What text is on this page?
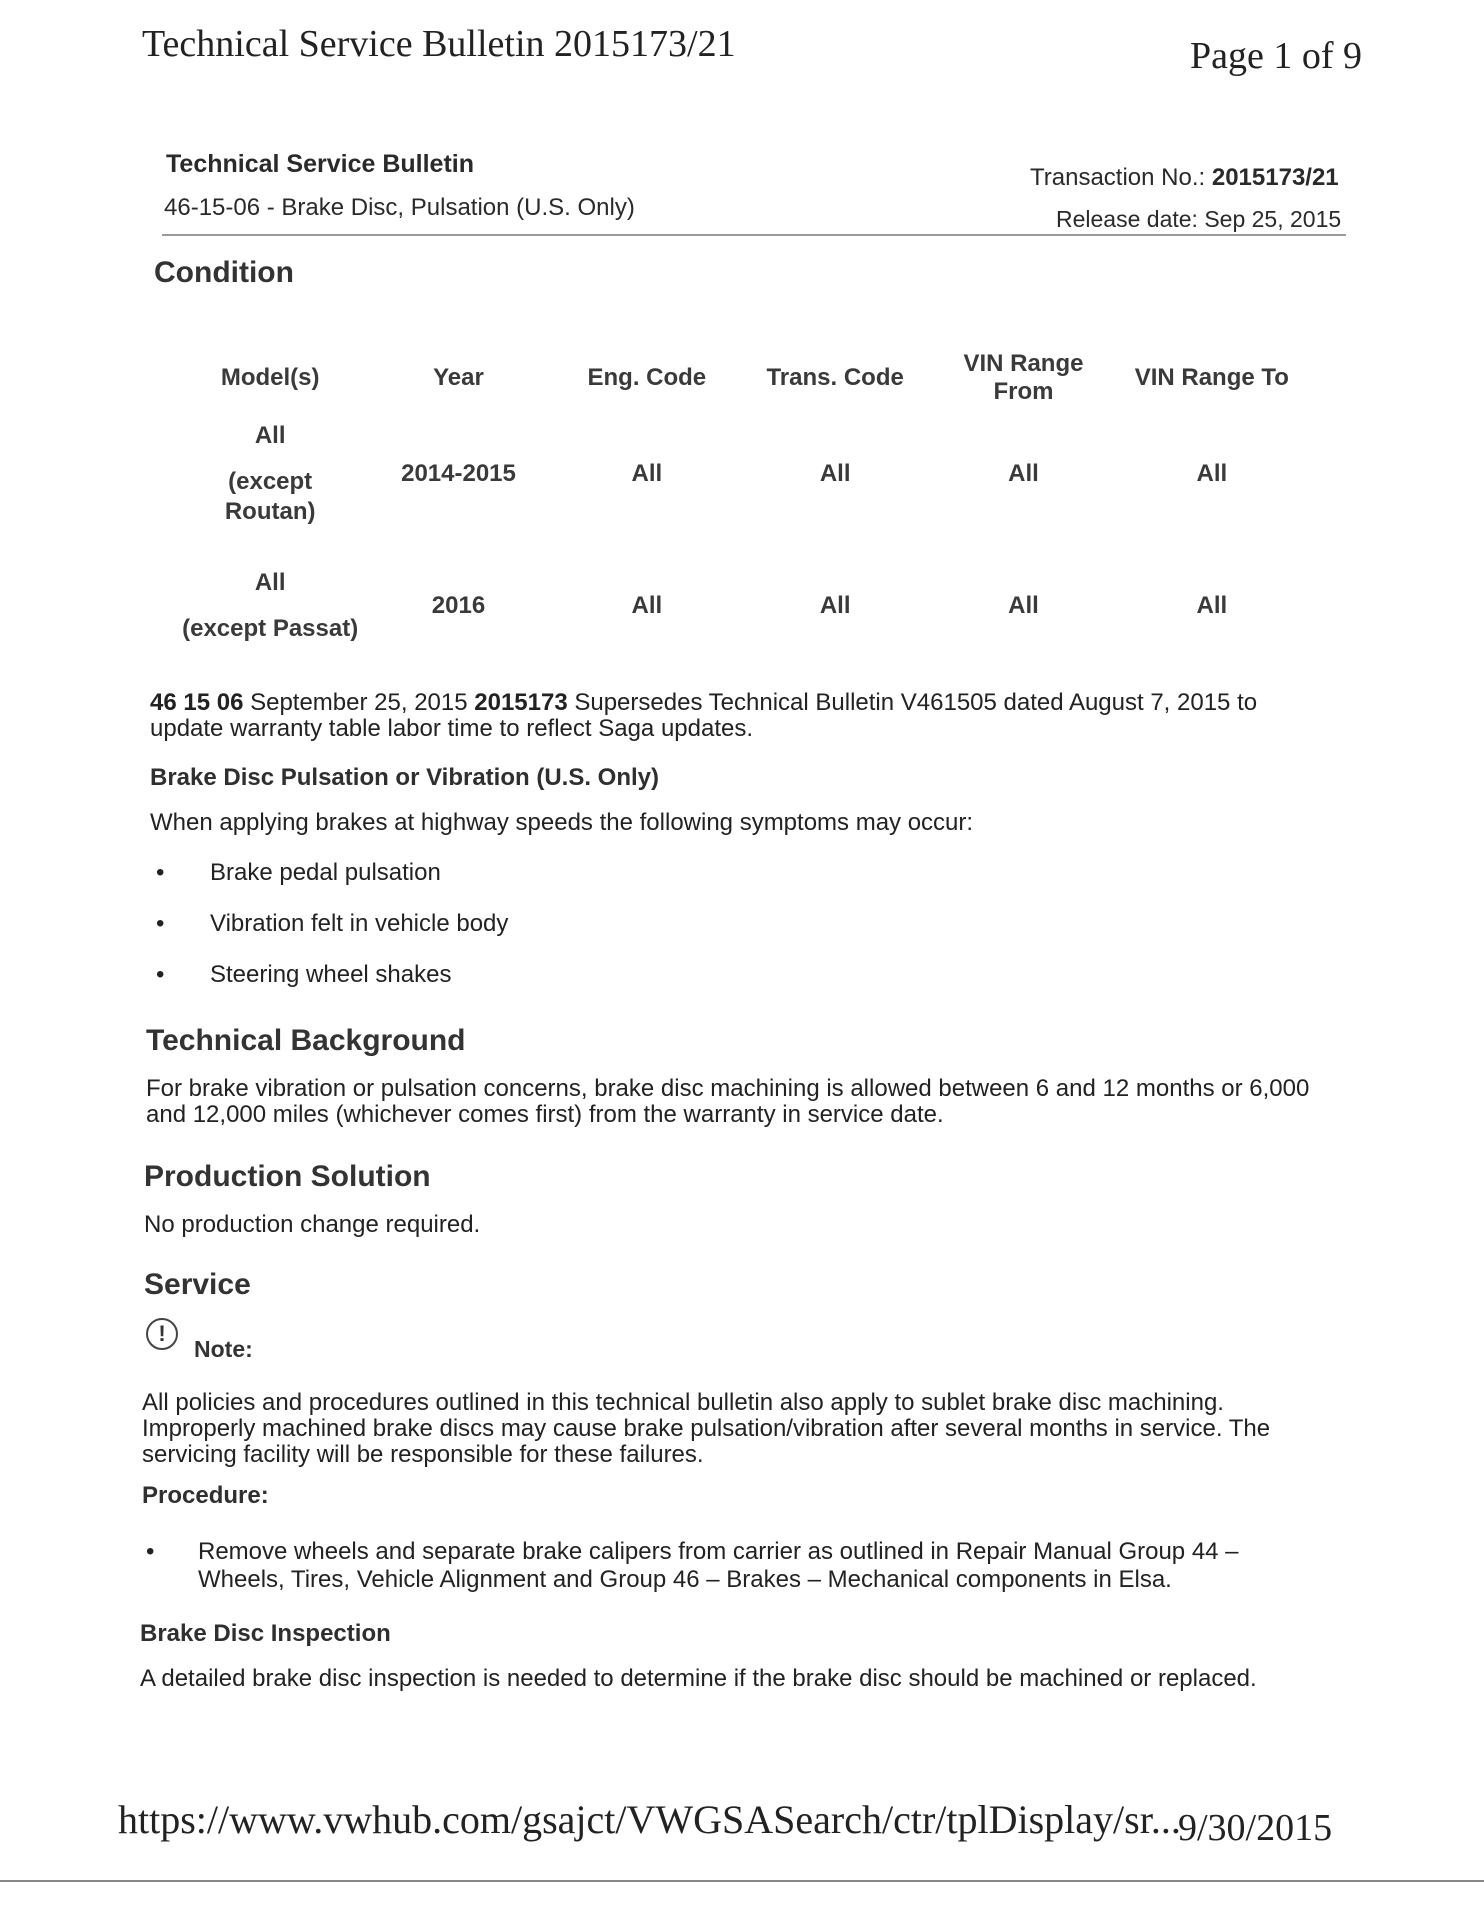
Technical Service Bulletin 2015173/21	Page 1 of 9
Technical Service Bulletin
46-15-06 - Brake Disc, Pulsation (U.S. Only)
Transaction No.: 2015173/21
Release date: Sep 25, 2015
Condition
Model(s)	Year	Eng. Code	Trans. Code	VIN Range From	VIN Range To

All
(except Routan)	2014-2015	All	All	All	All

All
(except Passat)	2016	All	All	All	All
46 15 06 September 25, 2015 2015173 Supersedes Technical Bulletin V461505 dated August 7, 2015 to update warranty table labor time to reflect Saga updates.
Brake Disc Pulsation or Vibration (U.S. Only)
When applying brakes at highway speeds the following symptoms may occur:
• Brake pedal pulsation
• Vibration felt in vehicle body
• Steering wheel shakes
Technical Background
For brake vibration or pulsation concerns, brake disc machining is allowed between 6 and 12 months or 6,000 and 12,000 miles (whichever comes first) from the warranty in service date.
Production Solution
No production change required.
Service
!
Note:
All policies and procedures outlined in this technical bulletin also apply to sublet brake disc machining. Improperly machined brake discs may cause brake pulsation/vibration after several months in service. The servicing facility will be responsible for these failures.
Procedure:
• Remove wheels and separate brake calipers from carrier as outlined in Repair Manual Group 44 – Wheels, Tires, Vehicle Alignment and Group 46 – Brakes – Mechanical components in Elsa.
Brake Disc Inspection
A detailed brake disc inspection is needed to determine if the brake disc should be machined or replaced.
https://www.vwhub.com/gsajct/VWGSASearch/ctr/tplDisplay/sr...
9/30/2015
